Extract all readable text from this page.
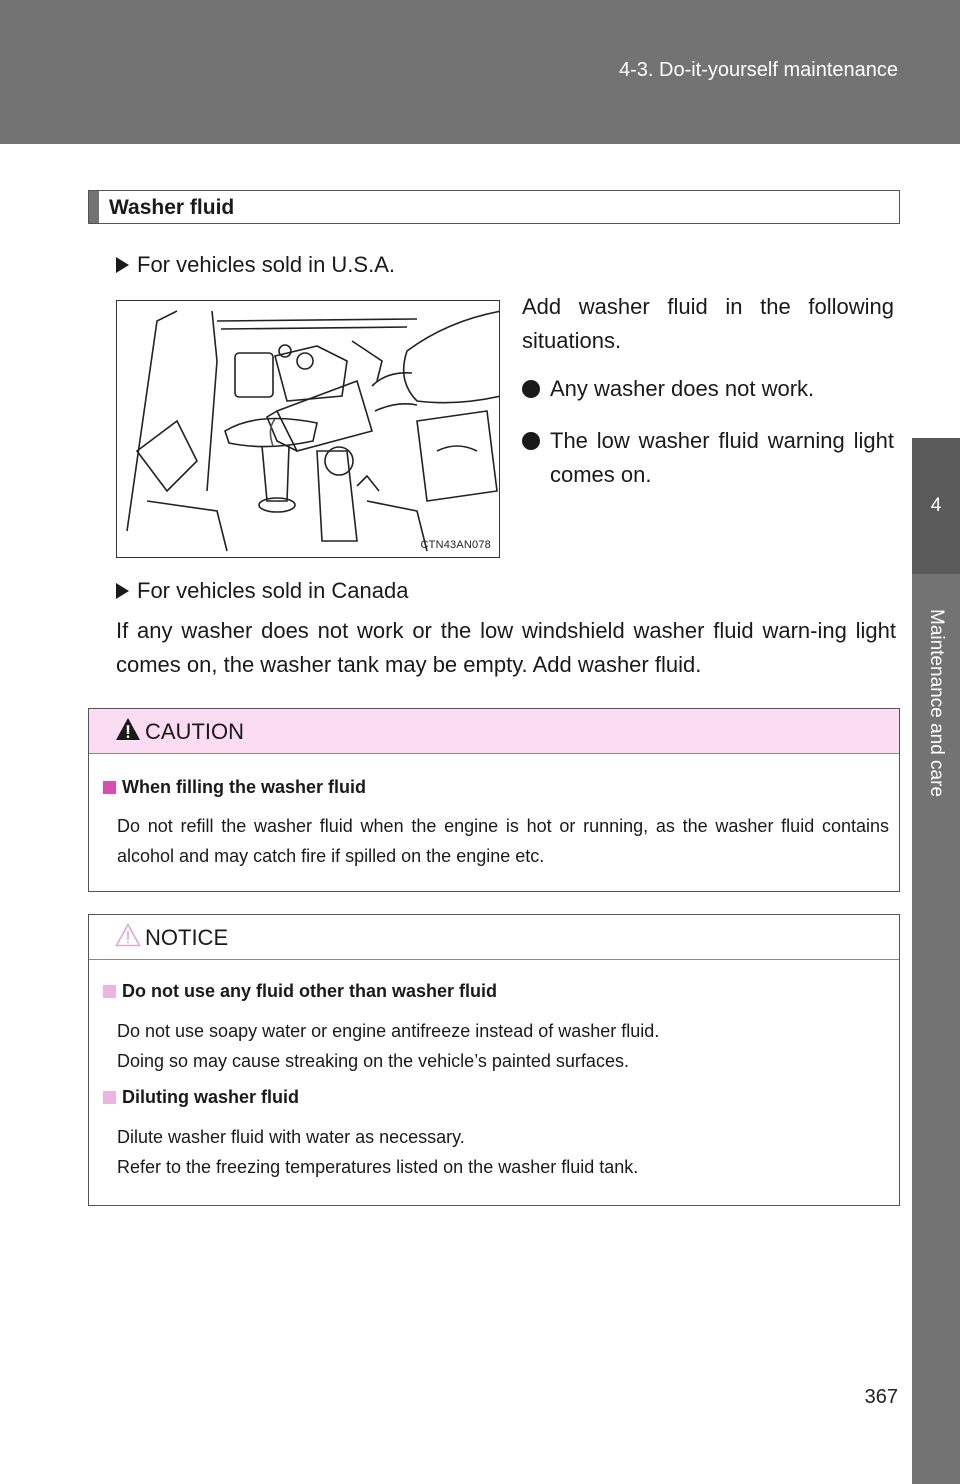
4-3. Do-it-yourself maintenance
4
Maintenance and care
Washer fluid
For vehicles sold in U.S.A.
CTN43AN078

Add washer fluid in the following situations.

Any washer does not work.
The low washer fluid warning light comes on.
For vehicles sold in Canada
If any washer does not work or the low windshield washer fluid warn-ing light comes on, the washer tank may be empty. Add washer fluid.
CAUTION
When filling the washer fluid
Do not refill the washer fluid when the engine is hot or running, as the washer fluid contains alcohol and may catch fire if spilled on the engine etc.
NOTICE
Do not use any fluid other than washer fluid
Do not use soapy water or engine antifreeze instead of washer fluid.
Doing so may cause streaking on the vehicle’s painted surfaces.
Diluting washer fluid
Dilute washer fluid with water as necessary.
Refer to the freezing temperatures listed on the washer fluid tank.
367
